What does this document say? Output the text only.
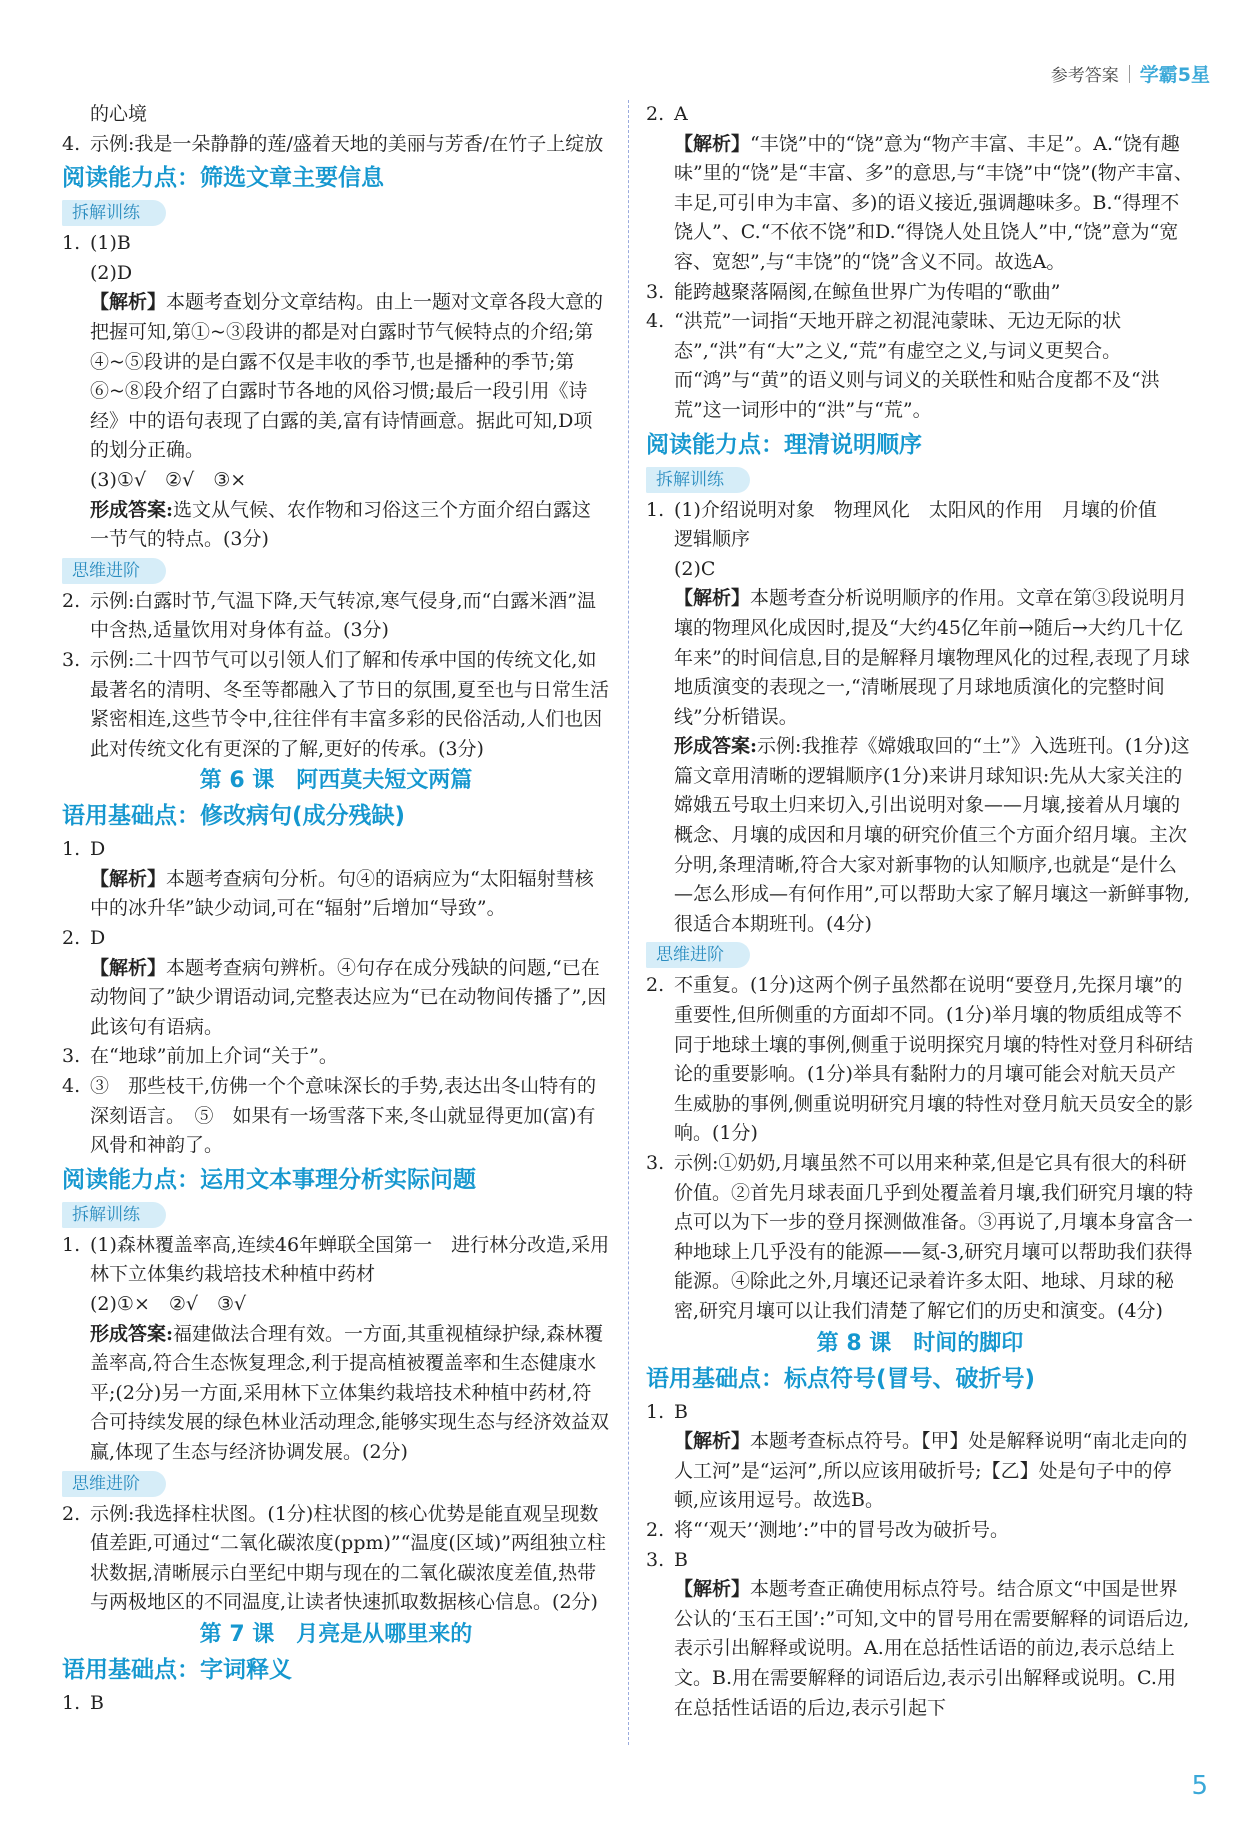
参考答案 学霸5星
的心境
4. 示例:我是一朵静静的莲/盛着天地的美丽与芳香/在竹子上绽放
阅读能力点：筛选文章主要信息
拆解训练
1. (1)B
(2)D
【解析】本题考查划分文章结构。由上一题对文章各段大意的把握可知,第①~③段讲的都是对白露时节气候特点的介绍;第④~⑤段讲的是白露不仅是丰收的季节,也是播种的季节;第⑥~⑧段介绍了白露时节各地的风俗习惯;最后一段引用《诗经》中的语句表现了白露的美,富有诗情画意。据此可知,D项的划分正确。
(3)①√　②√　③×
形成答案:选文从气候、农作物和习俗这三个方面介绍白露这一节气的特点。(3分)
思维进阶
2. 示例:白露时节,气温下降,天气转凉,寒气侵身,而“白露米酒”温中含热,适量饮用对身体有益。(3分)
3. 示例:二十四节气可以引领人们了解和传承中国的传统文化,如最著名的清明、冬至等都融入了节日的氛围,夏至也与日常生活紧密相连,这些节令中,往往伴有丰富多彩的民俗活动,人们也因此对传统文化有更深的了解,更好的传承。(3分)
第 6 课　阿西莫夫短文两篇
语用基础点：修改病句(成分残缺)
1. D
【解析】本题考查病句分析。句④的语病应为“太阳辐射彗核中的冰升华”缺少动词,可在“辐射”后增加“导致”。
2. D
【解析】本题考查病句辨析。④句存在成分残缺的问题,“已在动物间了”缺少谓语动词,完整表达应为“已在动物间传播了”,因此该句有语病。
3. 在“地球”前加上介词“关于”。
4. ③　那些枝干,仿佛一个个意味深长的手势,表达出冬山特有的深刻语言。　⑤　如果有一场雪落下来,冬山就显得更加(富)有风骨和神韵了。
阅读能力点：运用文本事理分析实际问题
拆解训练
1. (1)森林覆盖率高,连续46年蝉联全国第一　进行林分改造,采用林下立体集约栽培技术种植中药材
(2)①×　②√　③√
形成答案:福建做法合理有效。一方面,其重视植绿护绿,森林覆盖率高,符合生态恢复理念,利于提高植被覆盖率和生态健康水平;(2分)另一方面,采用林下立体集约栽培技术种植中药材,符合可持续发展的绿色林业活动理念,能够实现生态与经济效益双赢,体现了生态与经济协调发展。(2分)
思维进阶
2. 示例:我选择柱状图。(1分)柱状图的核心优势是能直观呈现数值差距,可通过“二氧化碳浓度(ppm)”“温度(区域)”两组独立柱状数据,清晰展示白垩纪中期与现在的二氧化碳浓度差值,热带与两极地区的不同温度,让读者快速抓取数据核心信息。(2分)
第 7 课　月亮是从哪里来的
语用基础点：字词释义
1. B
2. A
【解析】“丰饶”中的“饶”意为“物产丰富、丰足”。A.“饶有趣味”里的“饶”是“丰富、多”的意思,与“丰饶”中“饶”(物产丰富、丰足,可引申为丰富、多)的语义接近,强调趣味多。B.“得理不饶人”、C.“不依不饶”和D.“得饶人处且饶人”中,“饶”意为“宽容、宽恕”,与“丰饶”的“饶”含义不同。故选A。
3. 能跨越聚落隔阂,在鲸鱼世界广为传唱的“歌曲”
4. “洪荒”一词指“天地开辟之初混沌蒙昧、无边无际的状态”,“洪”有“大”之义,“荒”有虚空之义,与词义更契合。而“鸿”与“黄”的语义则与词义的关联性和贴合度都不及“洪荒”这一词形中的“洪”与“荒”。
阅读能力点：理清说明顺序
拆解训练
1. (1)介绍说明对象　物理风化　太阳风的作用　月壤的价值　逻辑顺序
(2)C
【解析】本题考查分析说明顺序的作用。文章在第③段说明月壤的物理风化成因时,提及“大约45亿年前→随后→大约几十亿年来”的时间信息,目的是解释月壤物理风化的过程,表现了月球地质演变的表现之一,“清晰展现了月球地质演化的完整时间线”分析错误。
形成答案:示例:我推荐《嫦娥取回的“土”》入选班刊。(1分)这篇文章用清晰的逻辑顺序(1分)来讲月球知识:先从大家关注的嫦娥五号取土归来切入,引出说明对象——月壤,接着从月壤的概念、月壤的成因和月壤的研究价值三个方面介绍月壤。主次分明,条理清晰,符合大家对新事物的认知顺序,也就是“是什么—怎么形成—有何作用”,可以帮助大家了解月壤这一新鲜事物,很适合本期班刊。(4分)
思维进阶
2. 不重复。(1分)这两个例子虽然都在说明“要登月,先探月壤”的重要性,但所侧重的方面却不同。(1分)举月壤的物质组成等不同于地球土壤的事例,侧重于说明探究月壤的特性对登月科研结论的重要影响。(1分)举具有黏附力的月壤可能会对航天员产生威胁的事例,侧重说明研究月壤的特性对登月航天员安全的影响。(1分)
3. 示例:①奶奶,月壤虽然不可以用来种菜,但是它具有很大的科研价值。②首先月球表面几乎到处覆盖着月壤,我们研究月壤的特点可以为下一步的登月探测做准备。③再说了,月壤本身富含一种地球上几乎没有的能源——氦-3,研究月壤可以帮助我们获得能源。④除此之外,月壤还记录着许多太阳、地球、月球的秘密,研究月壤可以让我们清楚了解它们的历史和演变。(4分)
第 8 课　时间的脚印
语用基础点：标点符号(冒号、破折号)
1. B
【解析】本题考查标点符号。【甲】处是解释说明“南北走向的人工河”是“运河”,所以应该用破折号;【乙】处是句子中的停顿,应该用逗号。故选B。
2. 将“‘观天’‘测地’:”中的冒号改为破折号。
3. B
【解析】本题考查正确使用标点符号。结合原文“中国是世界公认的‘玉石王国’:”可知,文中的冒号用在需要解释的词语后边,表示引出解释或说明。A.用在总括性话语的前边,表示总结上文。B.用在需要解释的词语后边,表示引出解释或说明。C.用在总括性话语的后边,表示引起下
5
